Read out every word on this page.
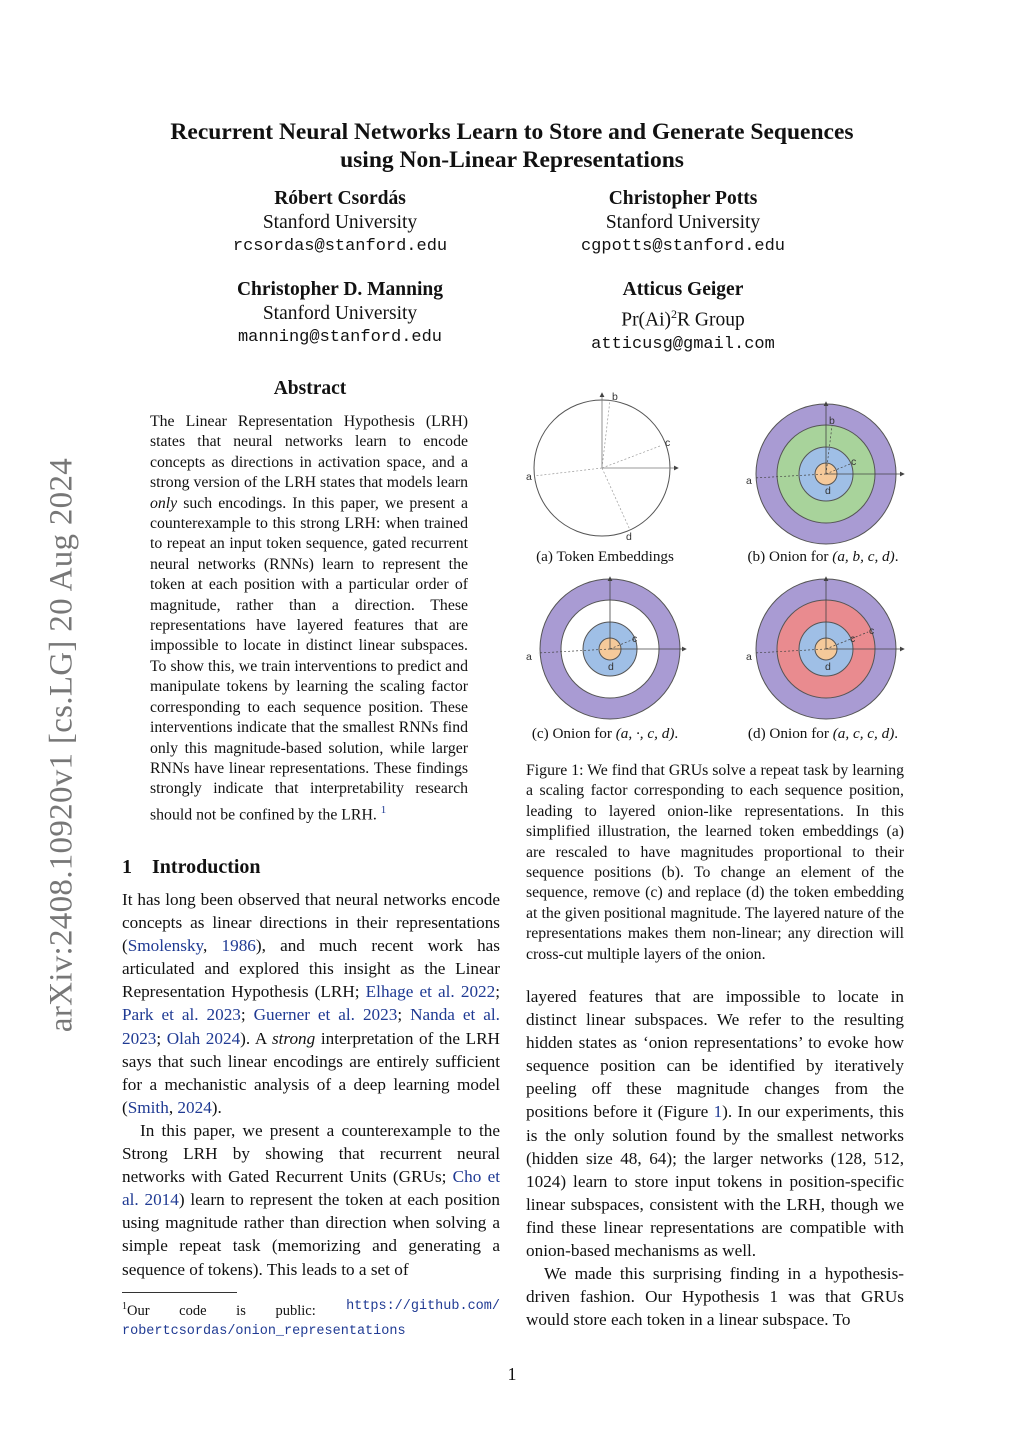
Recurrent Neural Networks Learn to Store and Generate Sequences
using Non-Linear Representations
Róbert Csordás
Stanford University
rcsordas@stanford.edu
Christopher Potts
Stanford University
cgpotts@stanford.edu
Christopher D. Manning
Stanford University
manning@stanford.edu
Atticus Geiger
$Pr(Ai)^2R$ Group
atticusg@gmail.com
arXiv:2408.10920v1 [cs.LG] 20 Aug 2024
Abstract
The Linear Representation Hypothesis (LRH) states that neural networks learn to encode concepts as directions in activation space, and a strong version of the LRH states that models learn only such encodings. In this paper, we present a counterexample to this strong LRH: when trained to repeat an input token sequence, gated recurrent neural networks (RNNs) learn to represent the token at each position with a particular order of magnitude, rather than a direction. These representations have layered features that are impossible to locate in distinct linear subspaces. To show this, we train interventions to predict and manipulate tokens by learning the scaling factor corresponding to each sequence position. These interventions indicate that the smallest RNNs find only this magnitude-based solution, while larger RNNs have linear representations. These findings strongly indicate that interpretability research should not be confined by the LRH. $^1$
1 Introduction

It has long been observed that neural networks encode concepts as linear directions in their representations (Smolensky, 1986), and much recent work has articulated and explored this insight as the Linear Representation Hypothesis (LRH; Elhage et al. 2022; Park et al. 2023; Guerner et al. 2023; Nanda et al. 2023; Olah 2024). A strong interpretation of the LRH says that such linear encodings are entirely sufficient for a mechanistic analysis of a deep learning model (Smith, 2024).

In this paper, we present a counterexample to the Strong LRH by showing that recurrent neural networks with Gated Recurrent Units (GRUs; Cho et al. 2014) learn to represent the token at each position using magnitude rather than direction when solving a simple repeat task (memorizing and generating a sequence of tokens). This leads to a set of

a
b
c
d
a
b
c
d
a
c
d
a
c
c
d
(a) Token Embeddings	(b) Onion for (a, b, c, d).
(c) Onion for (a, ·, c, d).	(d) Onion for (a, c, c, d).
Figure 1: We find that GRUs solve a repeat task by learning a scaling factor corresponding to each sequence position, leading to layered onion-like representations. In this simplified illustration, the learned token embeddings (a) are rescaled to have magnitudes proportional to their sequence positions (b). To change an element of the sequence, remove (c) and replace (d) the token embedding at the given positional magnitude. The layered nature of the representations makes them non-linear; any direction will cross-cut multiple layers of the onion.

layered features that are impossible to locate in distinct linear subspaces. We refer to the resulting hidden states as ‘onion representations’ to evoke how sequence position can be identified by iteratively peeling off these magnitude changes from the positions before it (Figure 1). In our experiments, this is the only solution found by the smallest networks (hidden size 48, 64); the larger networks (128, 512, 1024) learn to store input tokens in position-specific linear subspaces, consistent with the LRH, though we find these linear representations are compatible with onion-based mechanisms as well.

We made this surprising finding in a hypothesis-driven fashion. Our Hypothesis 1 was that GRUs would store each token in a linear subspace. To

$^1$Our code is public: https://github.com/

robertcsordas/onion_representations
1
